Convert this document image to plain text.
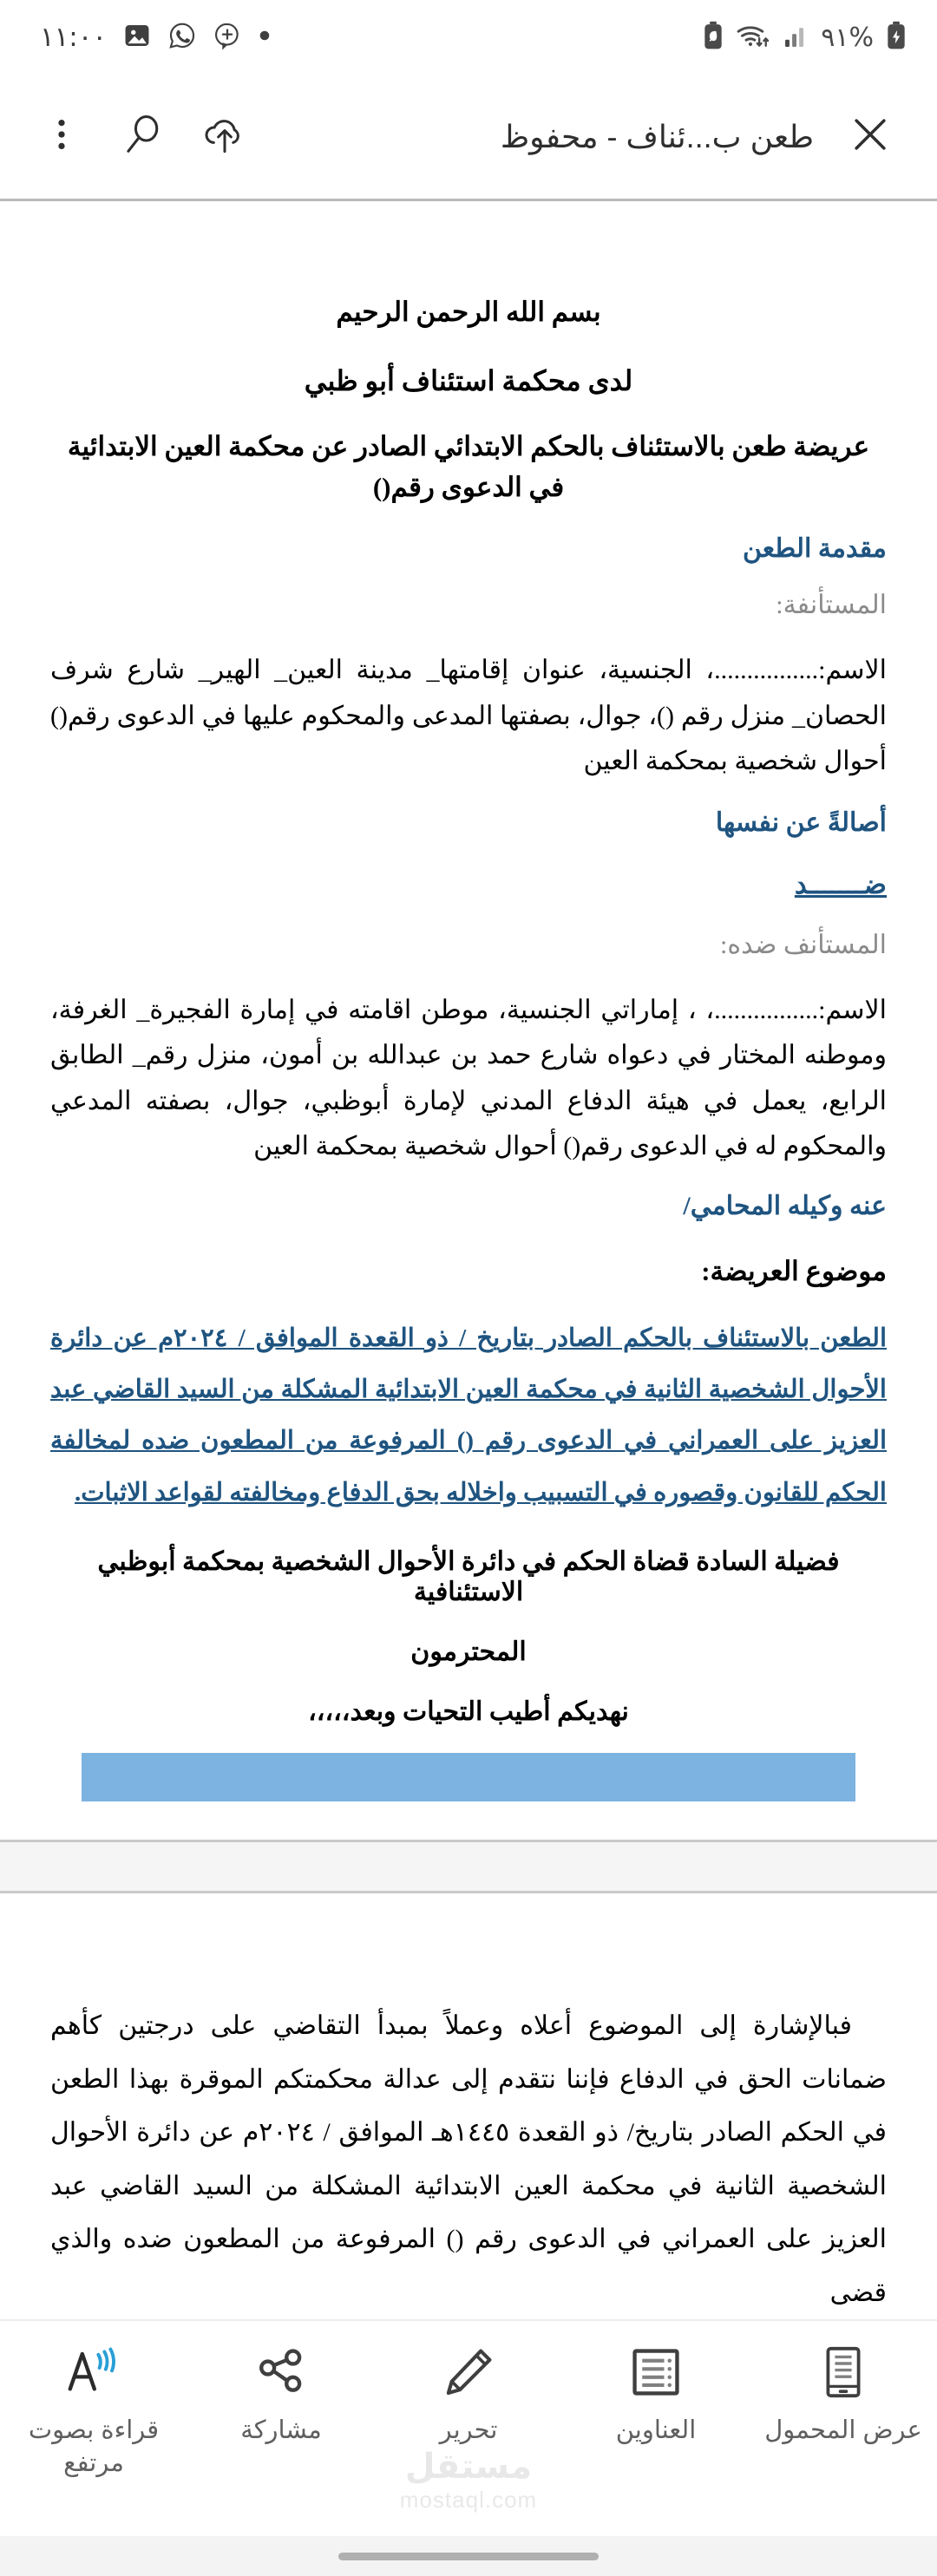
١١:٠٠	٩١%
طعن ب...ئناف - محفوظ

بسم الله الرحمن الرحيم

لدى محكمة استئناف أبو ظبي

عريضة طعن بالاستئناف بالحكم الابتدائي الصادر عن محكمة العين الابتدائية في الدعوى رقم()

مقدمة الطعن

المستأنفة:

الاسم:................، الجنسية، عنوان إقامتها_ مدينة العين_ الهير_ شارع شرف الحصان_ منزل رقم ()، جوال، بصفتها المدعى والمحكوم عليها في الدعوى رقم() أحوال شخصية بمحكمة العين

أصالةً عن نفسها

ضـــــــد

المستأنف ضده:

الاسم:................، ، إماراتي الجنسية، موطن اقامته في إمارة الفجيرة_ الغرفة، وموطنه المختار في دعواه شارع حمد بن عبدالله بن أمون، منزل رقم_ الطابق الرابع، يعمل في هيئة الدفاع المدني لإمارة أبوظبي، جوال، بصفته المدعي والمحكوم له في الدعوى رقم() أحوال شخصية بمحكمة العين

عنه وكيله المحامي/

موضوع العريضة:

الطعن بالاستئناف بالحكم الصادر بتاريخ / ذو القعدة الموافق / ٢٠٢٤م عن دائرة الأحوال الشخصية الثانية في محكمة العين الابتدائية المشكلة من السيد القاضي عبد العزيز على العمراني في الدعوى رقم () المرفوعة من المطعون ضده لمخالفة الحكم للقانون وقصوره في التسبيب واخلاله بحق الدفاع ومخالفته لقواعد الاثبات.

فضيلة السادة قضاة الحكم في دائرة الأحوال الشخصية بمحكمة أبوظبي الاستئنافية

المحترمون

نهديكم أطيب التحيات وبعد،،،،،

فبالإشارة إلى الموضوع أعلاه وعملاً بمبدأ التقاضي على درجتين كأهم ضمانات الحق في الدفاع فإننا نتقدم إلى عدالة محكمتكم الموقرة بهذا الطعن في الحكم الصادر بتاريخ/ ذو القعدة ١٤٤٥هـ الموافق / ٢٠٢٤م عن دائرة الأحوال الشخصية الثانية في محكمة العين الابتدائية المشكلة من السيد القاضي عبد العزيز على العمراني في الدعوى رقم () المرفوعة من المطعون ضده والذي قضى

عرض المحمول
العناوين
تحرير
مشاركة
قراءة بصوت مرتفع	مستقل
mostaql.com
